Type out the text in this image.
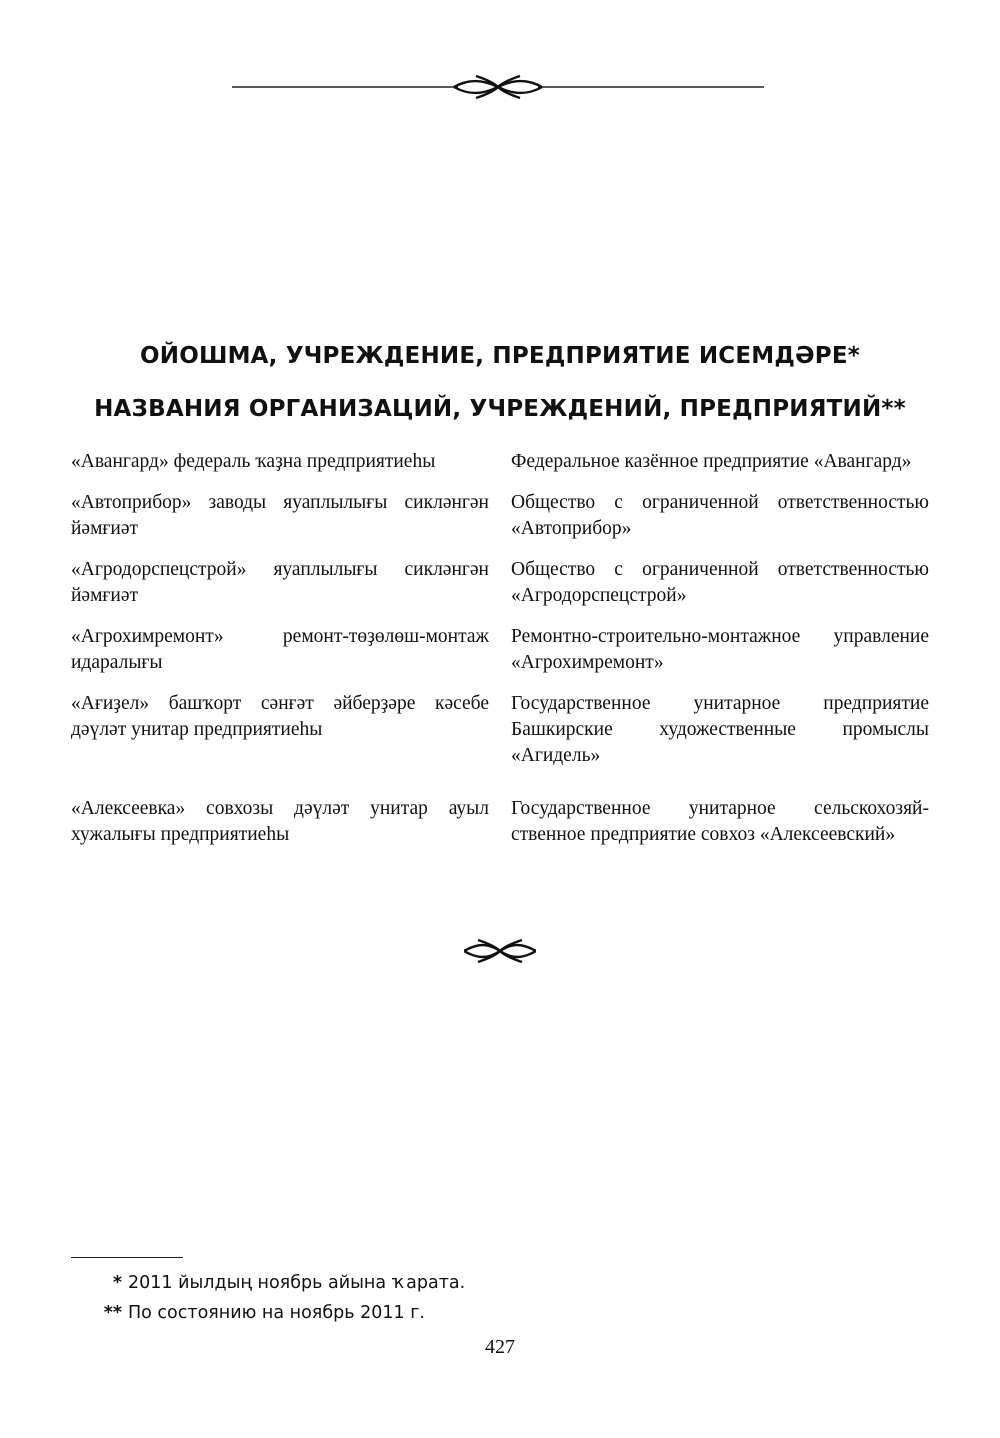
ОЙОШМА, УЧРЕЖДЕНИЕ, ПРЕДПРИЯТИЕ ИСЕМДӘРЕ*
НАЗВАНИЯ ОРГАНИЗАЦИЙ, УЧРЕЖДЕНИЙ, ПРЕДПРИЯТИЙ**
«Авангард» федераль ҡаҙна предприятиеһы	Федеральное казённое предприятие «Авангард»
«Автоприбор» заводы яуаплылығы сикләнгән йәмғиәт
Общество с ограниченной ответственностью «Автоприбор»
«Агродорспецстрой» яуаплылығы сикләнгән йәмғиәт
Общество с ограниченной ответственностью «Агродорспецстрой»
«Агрохимремонт» ремонт-төҙөлөш-монтаж идаралығы
Ремонтно-строительно-монтажное управление «Агрохимремонт»
«Ағиҙел» башҡорт сәнғәт әйберҙәре кәсебе дәүләт унитар предприятиеһы
Государственное унитарное предприятие Башкирские художественные промыслы «Агидель»
«Алексеевка» совхозы дәүләт унитар ауыл хужалығы предприятиеһы
Государственное унитарное сельскохозяйственное предприятие совхоз «Алексеевский»
* 2011 йылдың ноябрь айына ҡарата.
** По состоянию на ноябрь 2011 г.
427
